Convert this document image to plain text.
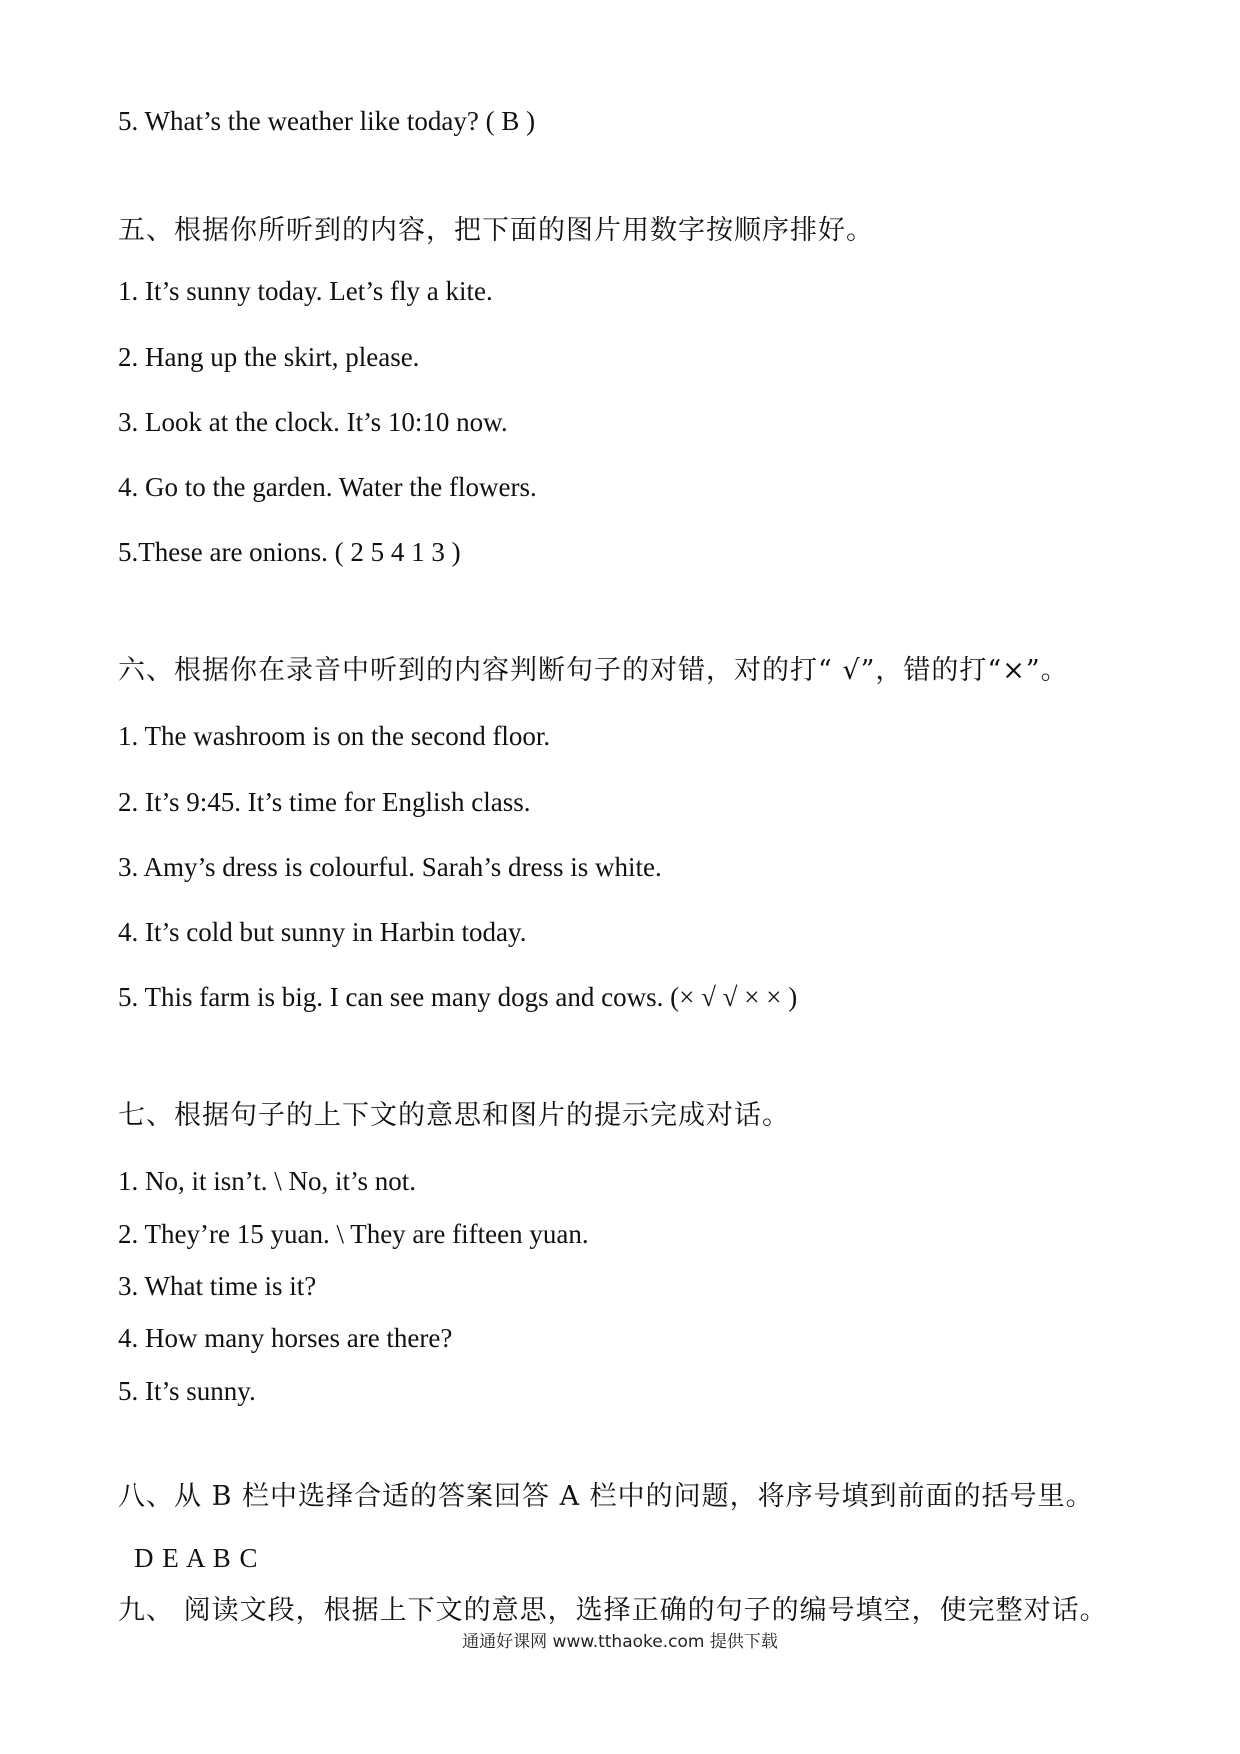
5. What’s the weather like today? ( B )
五、根据你所听到的内容，把下面的图片用数字按顺序排好。
1. It’s sunny today. Let’s fly a kite.
2. Hang up the skirt, please.
3. Look at the clock. It’s 10:10 now.
4. Go to the garden. Water the flowers.
5.These are onions. ( 2 5 4 1 3 )
六、根据你在录音中听到的内容判断句子的对错，对的打“ √”，错的打“×”。
1. The washroom is on the second floor.
2. It’s 9:45. It’s time for English class.
3. Amy’s dress is colourful. Sarah’s dress is white.
4. It’s cold but sunny in Harbin today.
5. This farm is big. I can see many dogs and cows. (× √ √ × × )
七、根据句子的上下文的意思和图片的提示完成对话。
1. No, it isn’t. \ No, it’s not.
2. They’re 15 yuan. \ They are fifteen yuan.
3. What time is it?
4. How many horses are there?
5. It’s sunny.
八、从 B 栏中选择合适的答案回答 A 栏中的问题，将序号填到前面的括号里。
D E A B C
九、 阅读文段，根据上下文的意思，选择正确的句子的编号填空，使完整对话。
通通好课网 www.tthaoke.com 提供下载
